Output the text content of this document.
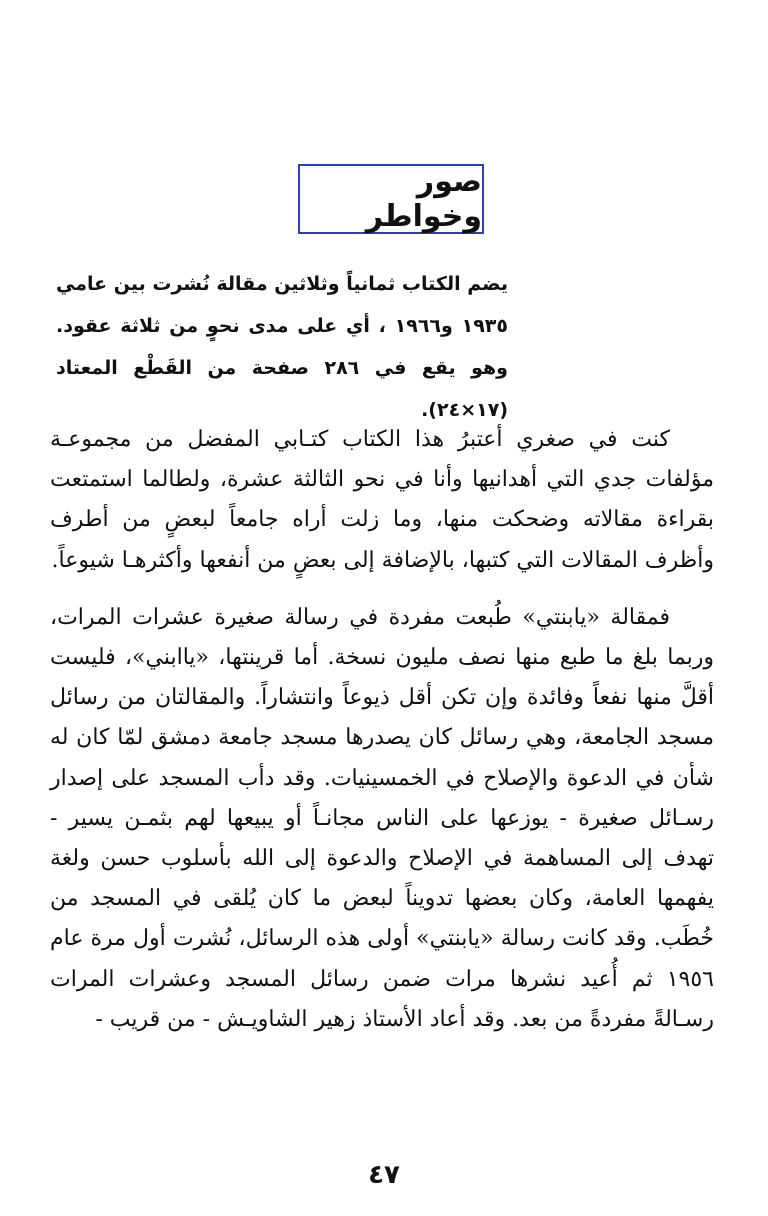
صور وخواطر

يضم الكتاب ثمانياً وثلاثين مقالة نُشرت بين عامي ١٩٣٥ و١٩٦٦ ، أي على مدى نحوٍ من ثلاثة عقود. وهو يقع في ٢٨٦ صفحة من القَطْع المعتاد (١٧×٢٤).

كنت في صغري أعتبرُ هذا الكتاب كتـابي المفضل من مجموعـة مؤلفات جدي التي أهدانيها وأنا في نحو الثالثة عشرة، ولطالما استمتعت بقراءة مقالاته وضحكت منها، وما زلت أراه جامعاً لبعضٍ من أطرف وأظرف المقالات التي كتبها، بالإضافة إلى بعضٍ من أنفعها وأكثرهـا شيوعاً.

فمقالة «يابنتي» طُبعت مفردة في رسالة صغيرة عشرات المرات، وربما بلغ ما طبع منها نصف مليون نسخة. أما قرينتها، «ياابني»، فليست أقلَّ منها نفعاً وفائدة وإن تكن أقل ذيوعاً وانتشاراً. والمقالتان من رسائل مسجد الجامعة، وهي رسائل كان يصدرها مسجد جامعة دمشق لمّا كان له شأن في الدعوة والإصلاح في الخمسينيات. وقد دأب المسجد على إصدار رسـائل صغيرة - يوزعها على الناس مجانـاً أو يبيعها لهم بثمـن يسير - تهدف إلى المساهمة في الإصلاح والدعوة إلى الله بأسلوب حسن ولغة يفهمها العامة، وكان بعضها تدويناً لبعض ما كان يُلقى في المسجد من خُطَب. وقد كانت رسالة «يابنتي» أولى هذه الرسائل، نُشرت أول مرة عام ١٩٥٦ ثم أُعيد نشرها مرات ضمن رسائل المسجد وعشرات المرات رسـالةً مفردةً من بعد. وقد أعاد الأستاذ زهير الشاويـش - من قريب -

٤٧
